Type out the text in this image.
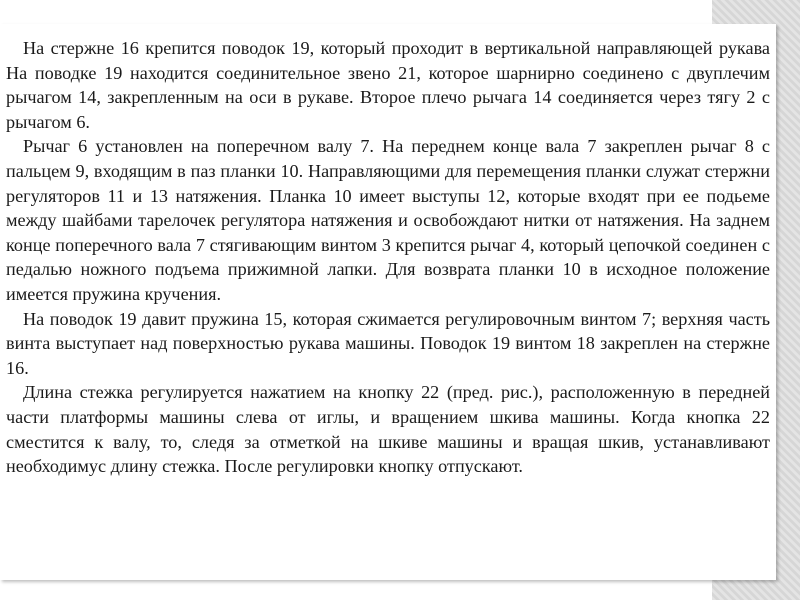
На стержне 16 крепится поводок 19, который проходит в вертикальной направляющей рукава На поводке 19 находится соединительное звено 21, которое шарнирно соединено с двуплечим рычагом 14, закрепленным на оси в рукаве. Второе плечо рычага 14 соединяется через тягу 2 с рычагом 6.

Рычаг 6 установлен на поперечном валу 7. На переднем конце вала 7 закреплен рычаг 8 с пальцем 9, входящим в паз планки 10. Направляющими для перемещения планки служат стержни регуляторов 11 и 13 натяжения. Планка 10 имеет выступы 12, которые входят при ее подьеме между шайбами тарелочек регулятора натяжения и освобождают нитки от натяжения. На заднем конце поперечного вала 7 стягивающим винтом 3 крепится рычаг 4, который цепочкой соединен с педалью ножного подъема прижимной лапки. Для возврата планки 10 в исходное положение имеется пружина кручения.

На поводок 19 давит пружина 15, которая сжимается регулировочным винтом 7; верхняя часть винта выступает над поверхностью рукава машины. Поводок 19 винтом 18 закреплен на стержне 16.

Длина стежка регулируется нажатием на кнопку 22 (пред. рис.), расположенную в передней части платформы машины слева от иглы, и вращением шкива машины. Когда кнопка 22 сместится к валу, то, следя за отметкой на шкиве машины и вращая шкив, устанавливают необходимус длину стежка. После регулировки кнопку отпускают.
